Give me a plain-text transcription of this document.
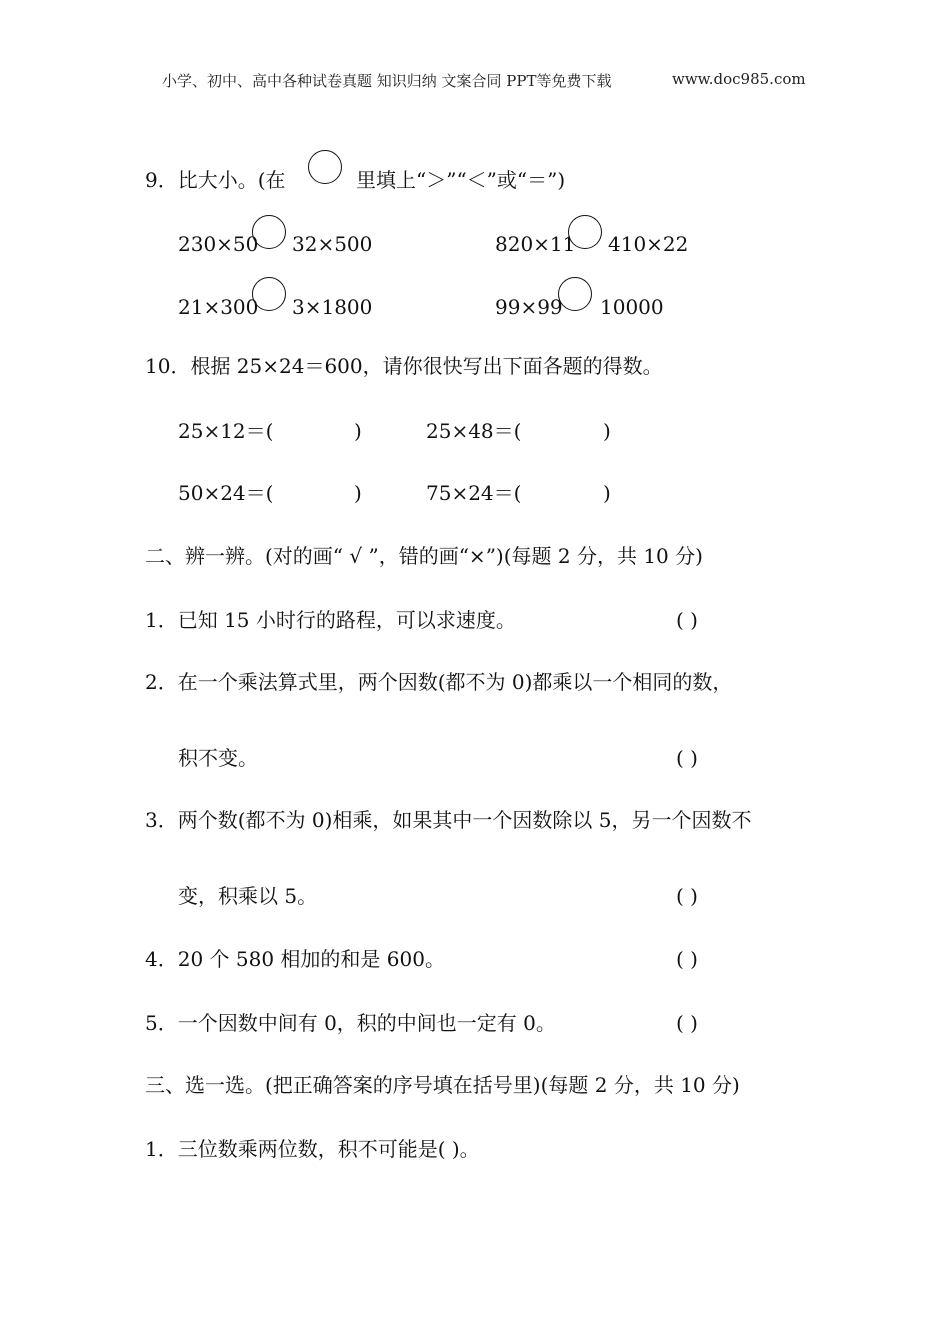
小学、初中、高中各种试卷真题 知识归纳 文案合同 PPT等免费下载	www.doc985.com
9．比大小。(在	里填上“＞”“＜”或“＝”)
230×50 32×500	820×11 410×22
21×300 3×1800	99×99 10000
10．根据 25×24＝600，请你很快写出下面各题的得数。
25×12＝(	)	25×48＝(	)
50×24＝(	)	75×24＝(	)
二、辨一辨。(对的画“ √ ”，错的画“×”)(每题 2 分，共 10 分)
1．已知 15 小时行的路程，可以求速度。	( )
2．在一个乘法算式里，两个因数(都不为 0)都乘以一个相同的数，
积不变。	( )
3．两个数(都不为 0)相乘，如果其中一个因数除以 5，另一个因数不
变，积乘以 5。	( )
4．20 个 580 相加的和是 600。	( )
5．一个因数中间有 0，积的中间也一定有 0。	( )
三、选一选。(把正确答案的序号填在括号里)(每题 2 分，共 10 分)
1．三位数乘两位数，积不可能是( )。
